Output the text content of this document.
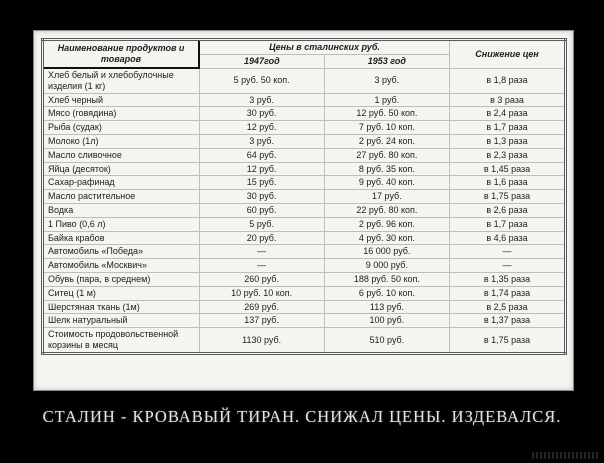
Наименование продуктов и товаров	Цены в сталинских руб.		Снижение цен
	1947год	1953 год	
Хлеб белый и хлебобулочные изделия (1 кг)	5 руб. 50 коп.	3 руб.	в 1,8 раза
Хлеб черный	3 руб.	1 руб.	в 3 раза
Мясо (говядина)	30 руб.	12 руб. 50 коп.	в 2,4 раза
Рыба (судак)	12 руб.	7 руб. 10 коп.	в 1,7 раза
Молоко (1л)	3 руб.	2 руб. 24 коп.	в 1,3 раза
Масло сливочное	64 руб.	27 руб. 80 коп.	в 2,3 раза
Яйца (десяток)	12 руб.	8 руб. 35 коп.	в 1,45 раза
Сахар-рафинад	15 руб.	9 руб. 40 коп.	в 1,6 раза
Масло растительное	30 руб.	17 руб.	в 1,75 раза
Водка	60 руб.	22 руб. 80 коп.	в 2,6 раза
1 Пиво (0,6 л)	5 руб.	2 руб. 96 коп.	в 1,7 раза
Байка крабов	20 руб.	4 руб. 30 коп.	в 4,6 раза
Автомобиль «Победа»	—	16 000 руб.	—
Автомобиль «Москвич»	—	9 000 руб.	—
Обувь (пара, в среднем)	260 руб.	188 руб. 50 коп.	в 1,35 раза
Ситец (1 м)	10 руб. 10 коп.	6 руб. 10 коп.	в 1,74 раза
Шерстяная ткань (1м)	269 руб.	113 руб.	в 2,5 раза
Шелк натуральный	137 руб.	100 руб.	в 1,37 раза
Стоимость продовольственной корзины в месяц	1130 руб.	510 руб.	в 1,75 раза
СТАЛИН - КРОВАВЫЙ ТИРАН. СНИЖАЛ ЦЕНЫ. ИЗДЕВАЛСЯ.
